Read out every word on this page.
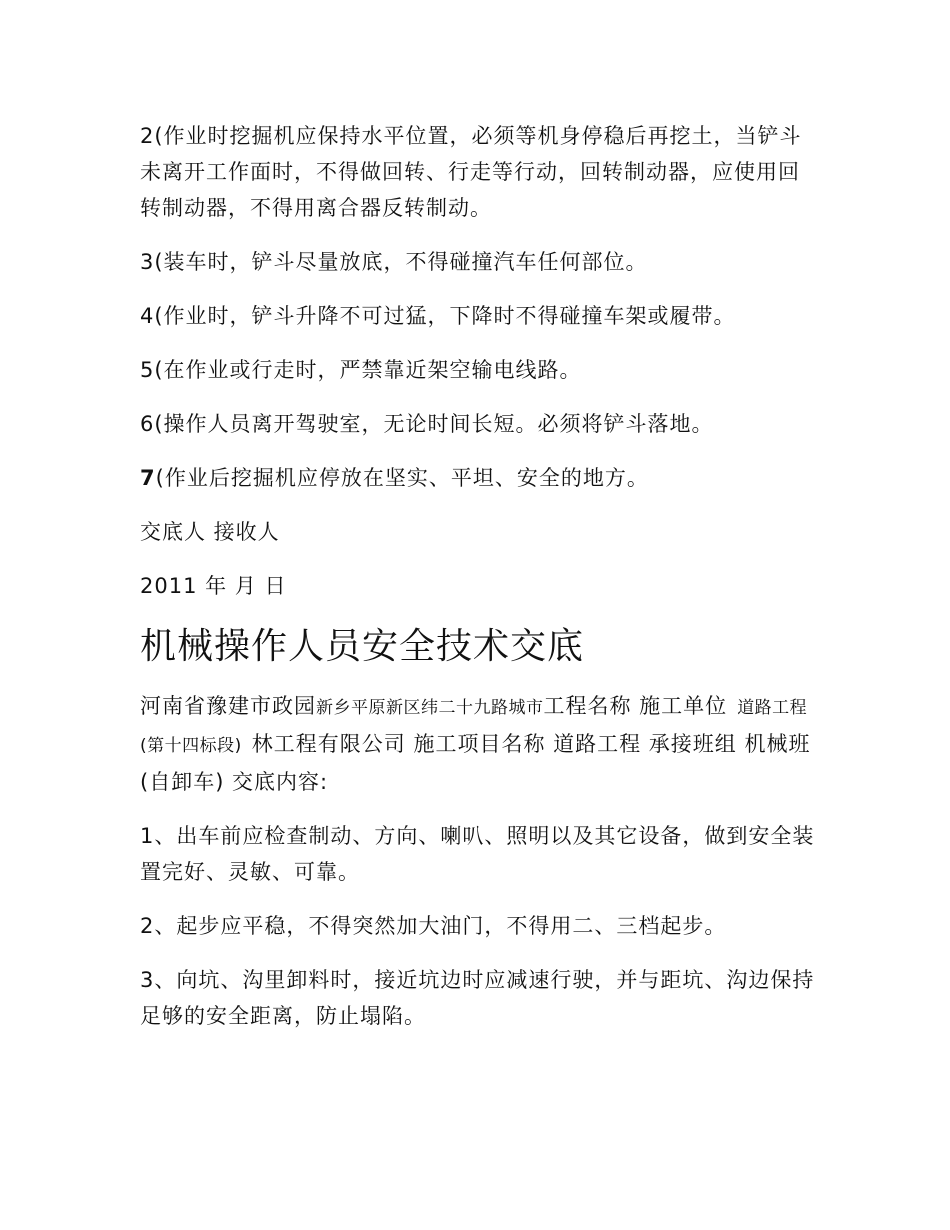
2(作业时挖掘机应保持水平位置，必须等机身停稳后再挖土，当铲斗未离开工作面时，不得做回转、行走等行动，回转制动器，应使用回转制动器，不得用离合器反转制动。

3(装车时，铲斗尽量放底，不得碰撞汽车任何部位。

4(作业时，铲斗升降不可过猛，下降时不得碰撞车架或履带。

5(在作业或行走时，严禁靠近架空输电线路。

6(操作人员离开驾驶室，无论时间长短。必须将铲斗落地。

7(作业后挖掘机应停放在坚实、平坦、安全的地方。

交底人 接收人

2011 年 月 日

机械操作人员安全技术交底

河南省豫建市政园新乡平原新区纬二十九路城市工程名称 施工单位 道路工程(第十四标段) 林工程有限公司 施工项目名称 道路工程 承接班组 机械班(自卸车) 交底内容:

1、出车前应检查制动、方向、喇叭、照明以及其它设备，做到安全装置完好、灵敏、可靠。

2、起步应平稳，不得突然加大油门，不得用二、三档起步。

3、向坑、沟里卸料时，接近坑边时应减速行驶，并与距坑、沟边保持足够的安全距离，防止塌陷。
